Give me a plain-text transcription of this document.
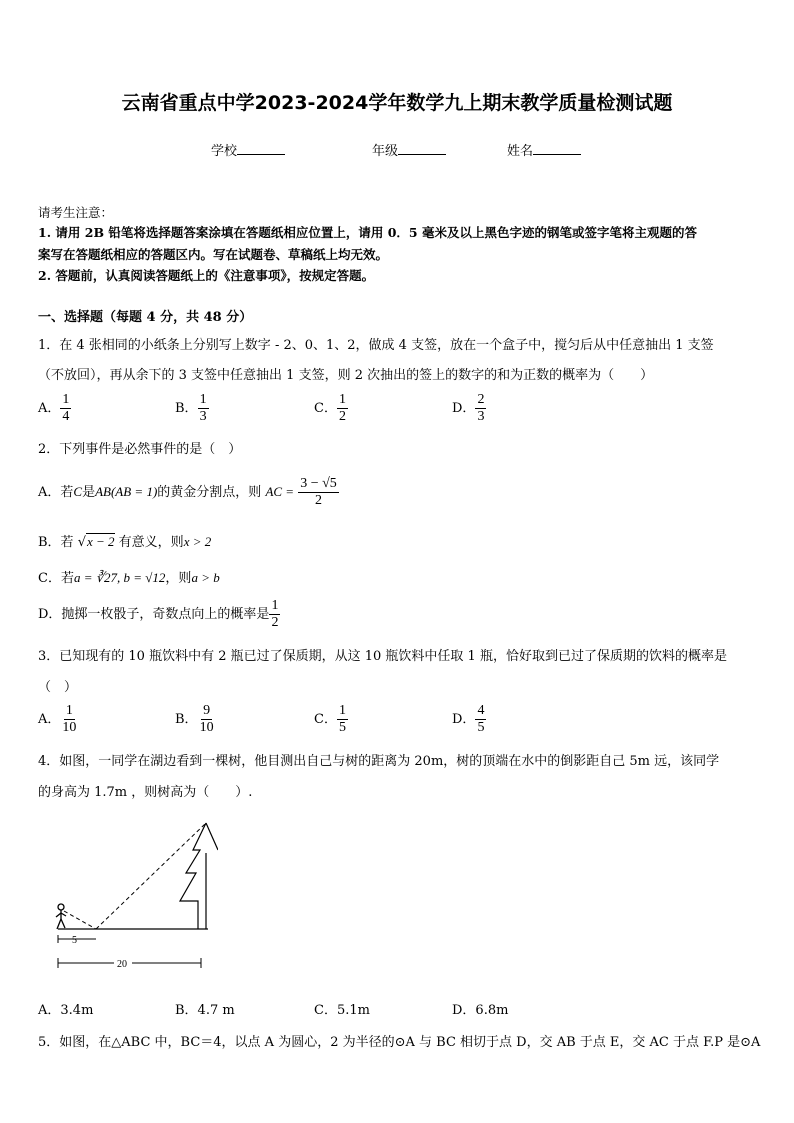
云南省重点中学2023-2024学年数学九上期末教学质量检测试题
学校	年级	姓名
请考生注意：
1. 请用 2B 铅笔将选择题答案涂填在答题纸相应位置上，请用 0．5 毫米及以上黑色字迹的钢笔或签字笔将主观题的答
案写在答题纸相应的答题区内。写在试题卷、草稿纸上均无效。
2. 答题前，认真阅读答题纸上的《注意事项》，按规定答题。
一、选择题（每题 4 分，共 48 分）
1．在 4 张相同的小纸条上分别写上数字 - 2、0、1、2，做成 4 支签，放在一个盒子中，搅匀后从中任意抽出 1 支签
（不放回），再从余下的 3 支签中任意抽出 1 支签，则 2 次抽出的签上的数字的和为正数的概率为（　　）
A． $\frac{1}{4}$	B． $\frac{1}{3}$	C． $\frac{1}{2}$	D． $\frac{2}{3}$
2．下列事件是必然事件的是（　）
A．若C是AB(AB = 1)的黄金分割点，则 AC = $\frac{3 - √5}{2}$
B．若 √x − 2 有意义，则x > 2
C．若a = ∛27, b = √12，则a > b
D．抛掷一枚骰子，奇数点向上的概率是 $\frac{1}{2}$
3．已知现有的 10 瓶饮料中有 2 瓶已过了保质期，从这 10 瓶饮料中任取 1 瓶，恰好取到已过了保质期的饮料的概率是
（　）
A． $\frac{1}{10}$	B． $\frac{9}{10}$	C． $\frac{1}{5}$	D． $\frac{4}{5}$
4．如图，一同学在湖边看到一棵树，他目测出自己与树的距离为 20m，树的顶端在水中的倒影距自己 5m 远，该同学
的身高为 1.7m ，则树高为（　　）.
5
20
A．3.4m	B．4.7 m	C．5.1m	D．6.8m
5．如图，在△ABC 中，BC＝4，以点 A 为圆心，2 为半径的⊙A 与 BC 相切于点 D，交 AB 于点 E，交 AC 于点 F.P 是⊙A
